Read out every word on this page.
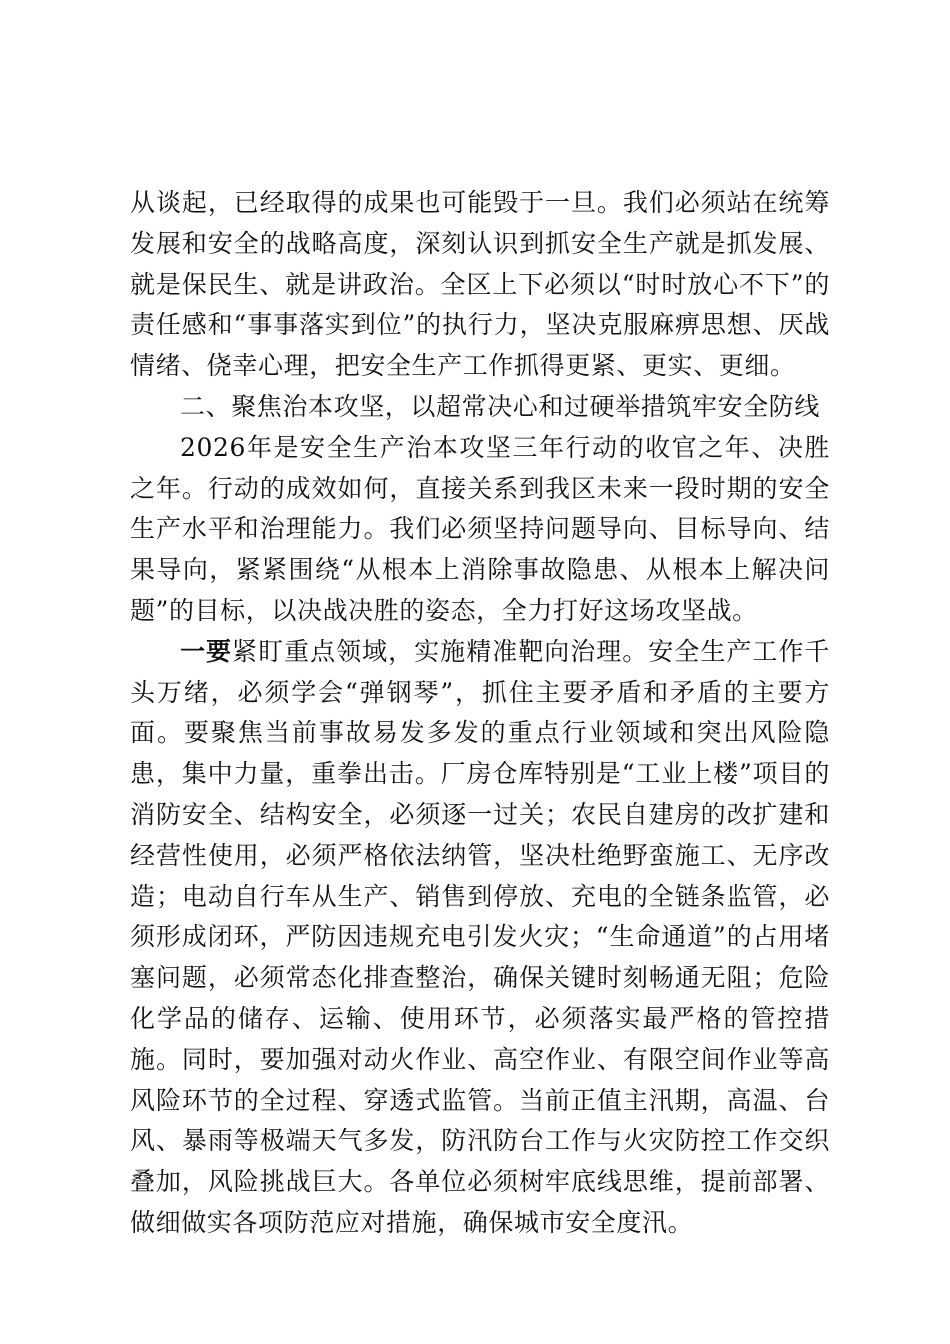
从谈起，已经取得的成果也可能毁于一旦。我们必须站在统筹发展和安全的战略高度，深刻认识到抓安全生产就是抓发展、就是保民生、就是讲政治。全区上下必须以“时时放心不下”的责任感和“事事落实到位”的执行力，坚决克服麻痹思想、厌战情绪、侥幸心理，把安全生产工作抓得更紧、更实、更细。

二、聚焦治本攻坚，以超常决心和过硬举措筑牢安全防线

2026年是安全生产治本攻坚三年行动的收官之年、决胜之年。行动的成效如何，直接关系到我区未来一段时期的安全生产水平和治理能力。我们必须坚持问题导向、目标导向、结果导向，紧紧围绕“从根本上消除事故隐患、从根本上解决问题”的目标，以决战决胜的姿态，全力打好这场攻坚战。

一要紧盯重点领域，实施精准靶向治理。安全生产工作千头万绪，必须学会“弹钢琴”，抓住主要矛盾和矛盾的主要方面。要聚焦当前事故易发多发的重点行业领域和突出风险隐患，集中力量，重拳出击。厂房仓库特别是“工业上楼”项目的消防安全、结构安全，必须逐一过关；农民自建房的改扩建和经营性使用，必须严格依法纳管，坚决杜绝野蛮施工、无序改造；电动自行车从生产、销售到停放、充电的全链条监管，必须形成闭环，严防因违规充电引发火灾；“生命通道”的占用堵塞问题，必须常态化排查整治，确保关键时刻畅通无阻；危险化学品的储存、运输、使用环节，必须落实最严格的管控措施。同时，要加强对动火作业、高空作业、有限空间作业等高风险环节的全过程、穿透式监管。当前正值主汛期，高温、台风、暴雨等极端天气多发，防汛防台工作与火灾防控工作交织叠加，风险挑战巨大。各单位必须树牢底线思维，提前部署、做细做实各项防范应对措施，确保城市安全度汛。
